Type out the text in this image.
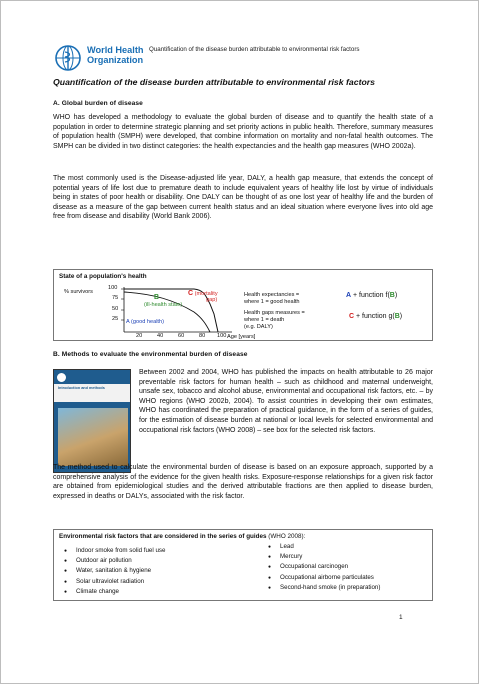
World Health
Organization
Quantification of the disease burden attributable to environmental risk factors
Quantification of the disease burden attributable to environmental risk factors
A. Global burden of disease
WHO has developed a methodology to evaluate the global burden of disease and to quantify the health state of a population in order to determine strategic planning and set priority actions in public health. Therefore, summary measures of population health (SMPH) were developed, that combine information on mortality and non-fatal health outcomes. The SMPH can be divided in two distinct categories: the health expectancies and the health gap measures (WHO 2002a).
The most commonly used is the Disease-adjusted life year, DALY, a health gap measure, that extends the concept of potential years of life lost due to premature death to include equivalent years of healthy life lost by virtue of individuals being in states of poor health or disability. One DALY can be thought of as one lost year of healthy life and the burden of disease as a measure of the gap between current health status and an ideal situation where everyone lives into old age free from disease and disability (World Bank 2006).
State of a population's health
% survivors
100
75
50
25
20	40	60	80 100 Age [years]
A (good health)
B
(ill-health state)
C (mortality
gap)
Health expectancies =
where 1 = good health
Health gaps measures =
where 1 = death
(e.g. DALY)
A + function f(B)
C + function g(B)
B. Methods to evaluate the environmental burden of disease
Introduction and methods
Between 2002 and 2004, WHO has published the impacts on health attributable to 26 major preventable risk factors for human health – such as childhood and maternal underweight, unsafe sex, tobacco and alcohol abuse, environmental and occupational risk factors, etc. – by WHO regions (WHO 2002b, 2004). To assist countries in developing their own estimates, WHO has coordinated the preparation of practical guidance, in the form of a series of guides, for the estimation of disease burden at national or local levels for selected environmental and occupational risk factors (WHO 2008) – see box for the selected risk factors.
The method used to calculate the environmental burden of disease is based on an exposure approach, supported by a comprehensive analysis of the evidence for the given health risks. Exposure-response relationships for a given risk factor are obtained from epidemiological studies and the derived attributable fractions are then applied to disease burden, expressed in deaths or DALYs, associated with the risk factor.
Environmental risk factors that are considered in the series of guides (WHO 2008):
● Indoor smoke from solid fuel use
● Outdoor air pollution
● Water, sanitation & hygiene
● Solar ultraviolet radiation
● Climate change
● Lead
● Mercury
● Occupational carcinogen
● Occupational airborne particulates
● Second-hand smoke (in preparation)
1
